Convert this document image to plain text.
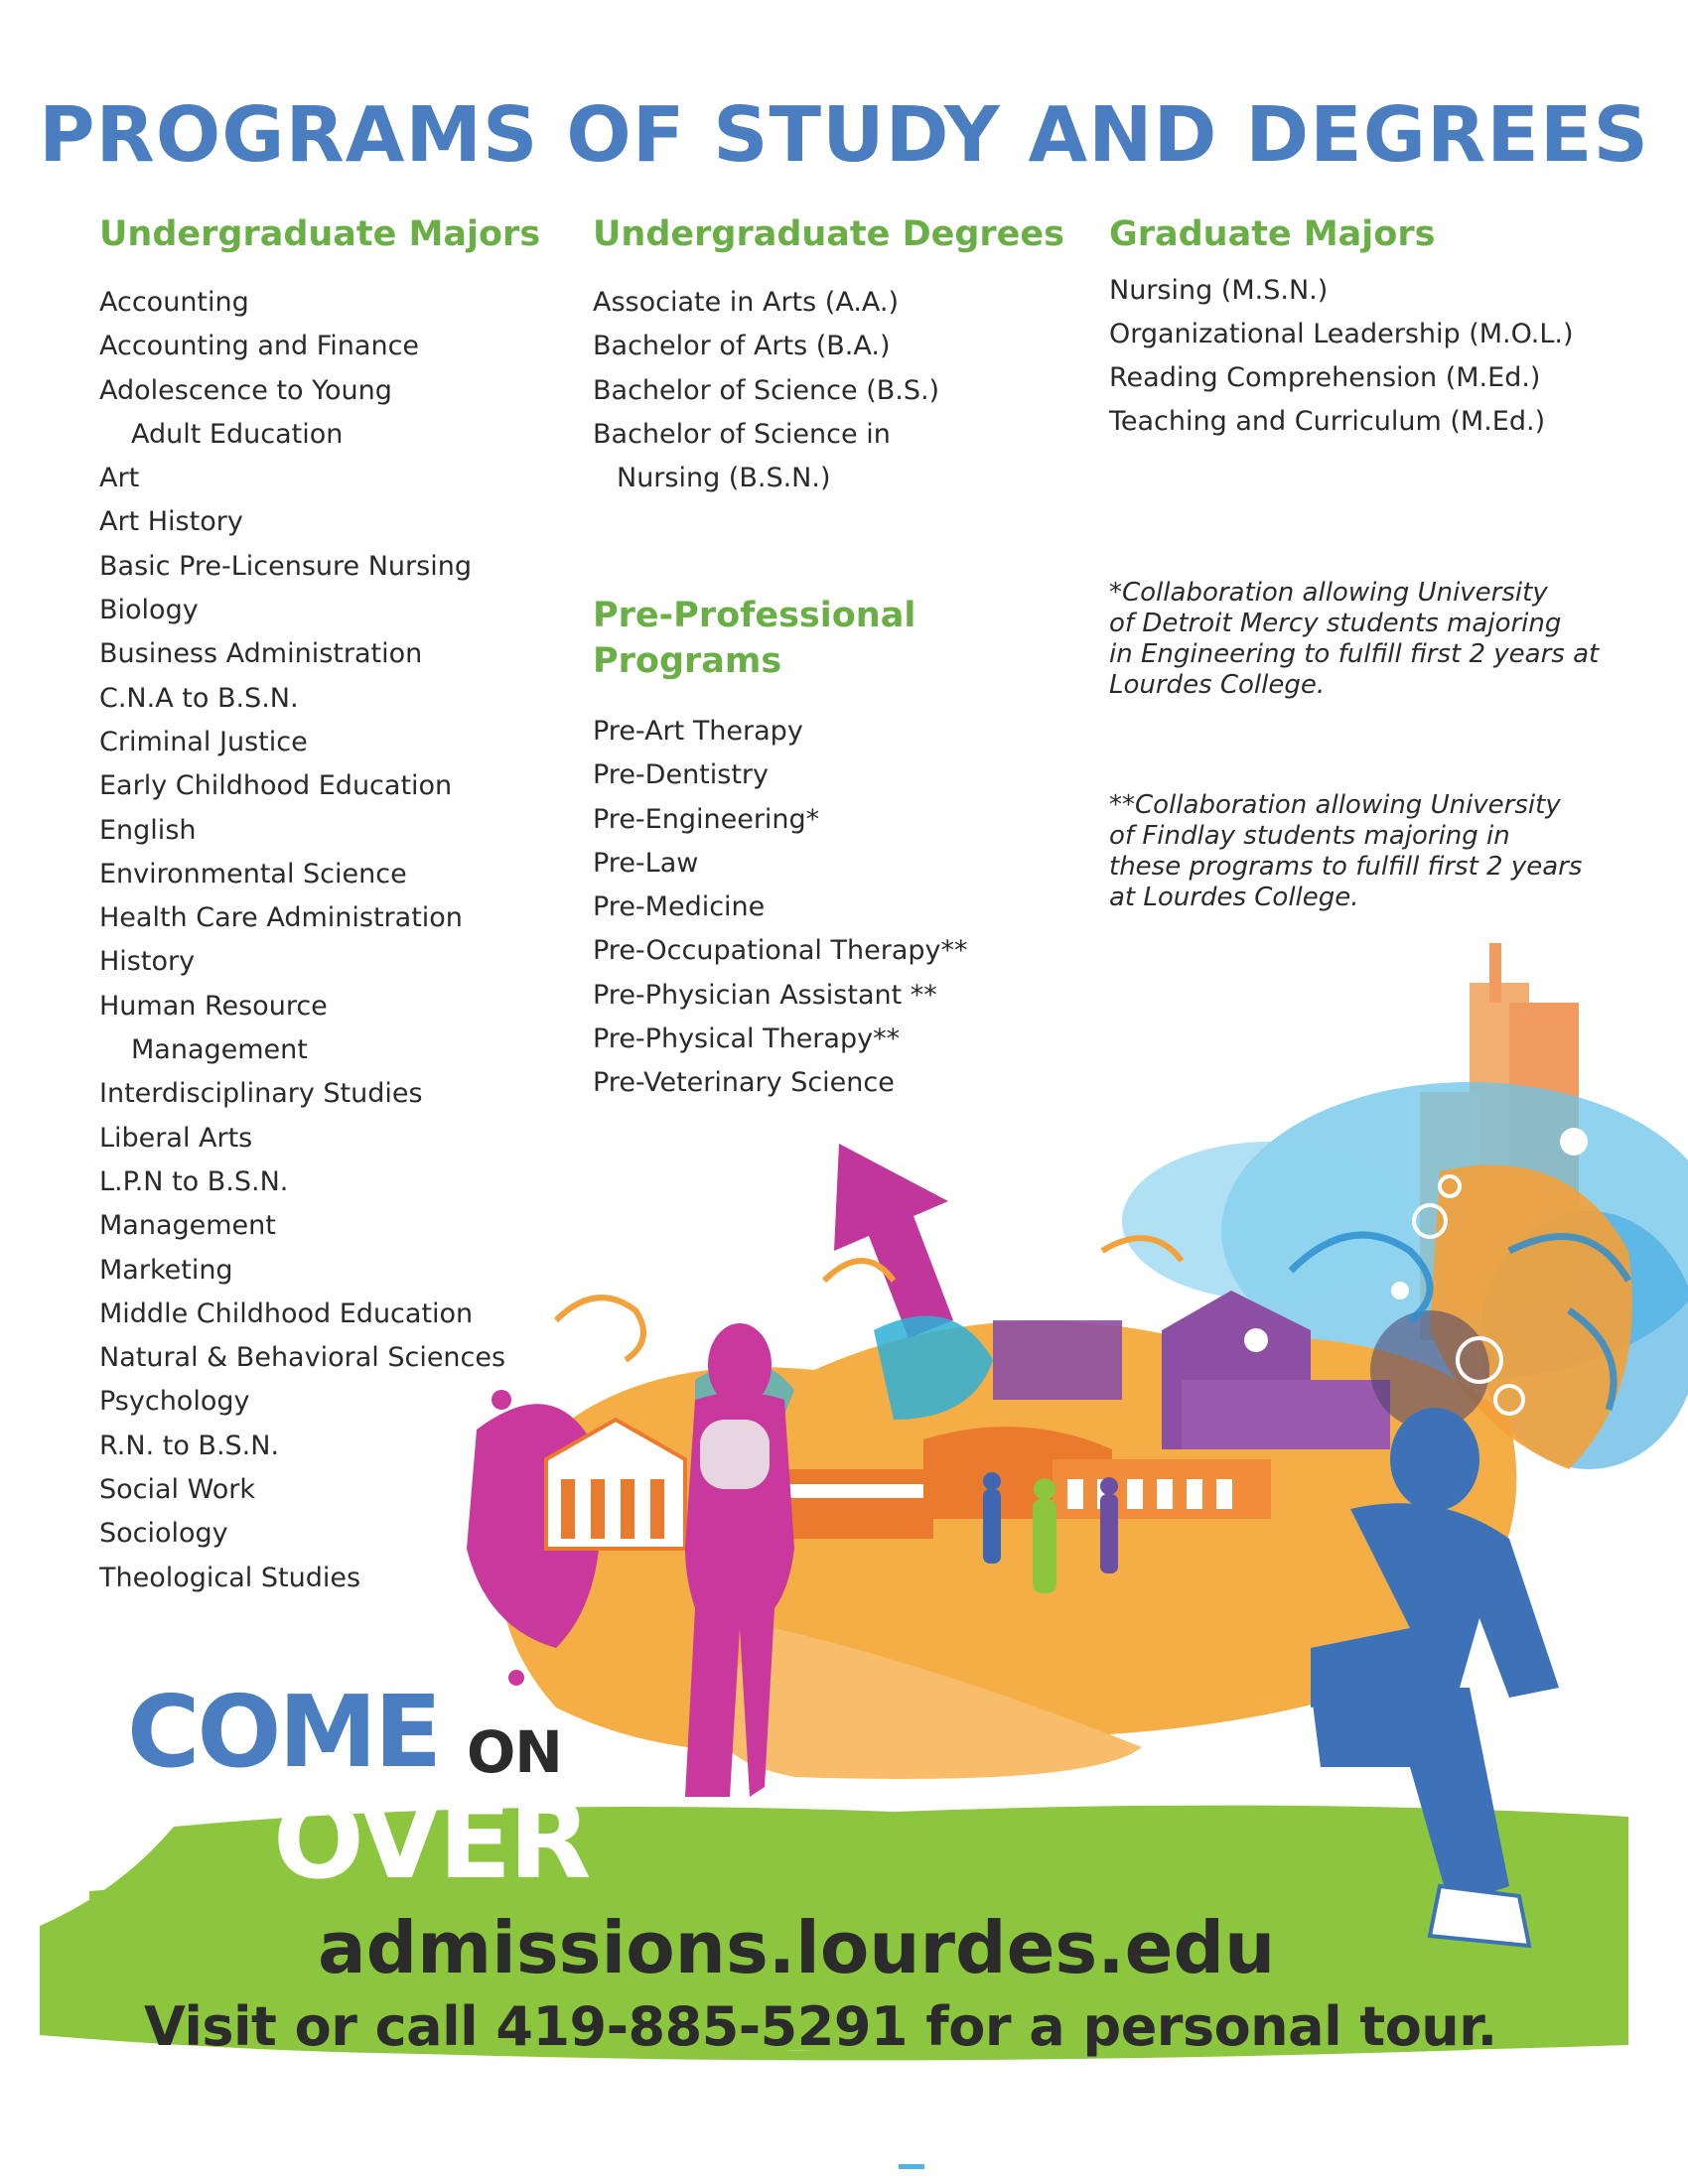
PROGRAMS OF STUDY AND DEGREES
Undergraduate Majors
Accounting
Accounting and Finance
Adolescence to Young
Adult Education
Art
Art History
Basic Pre-Licensure Nursing
Biology
Business Administration
C.N.A to B.S.N.
Criminal Justice
Early Childhood Education
English
Environmental Science
Health Care Administration
History
Human Resource
Management
Interdisciplinary Studies
Liberal Arts
L.P.N to B.S.N.
Management
Marketing
Middle Childhood Education
Natural & Behavioral Sciences
Psychology
R.N. to B.S.N.
Social Work
Sociology
Theological Studies
Undergraduate Degrees
Associate in Arts (A.A.)
Bachelor of Arts (B.A.)
Bachelor of Science (B.S.)
Bachelor of Science in
Nursing (B.S.N.)
Pre-Professional
Programs
Pre-Art Therapy
Pre-Dentistry
Pre-Engineering*
Pre-Law
Pre-Medicine
Pre-Occupational Therapy**
Pre-Physician Assistant **
Pre-Physical Therapy**
Pre-Veterinary Science
Graduate Majors
Nursing (M.S.N.)
Organizational Leadership (M.O.L.)
Reading Comprehension (M.Ed.)
Teaching and Curriculum (M.Ed.)
*Collaboration allowing University
of Detroit Mercy students majoring
in Engineering to fulfill first 2 years at
Lourdes College.
**Collaboration allowing University
of Findlay students majoring in
these programs to fulfill first 2 years
at Lourdes College.
COME ON
OVER
admissions.lourdes.edu
Visit or call 419-885-5291 for a personal tour.
